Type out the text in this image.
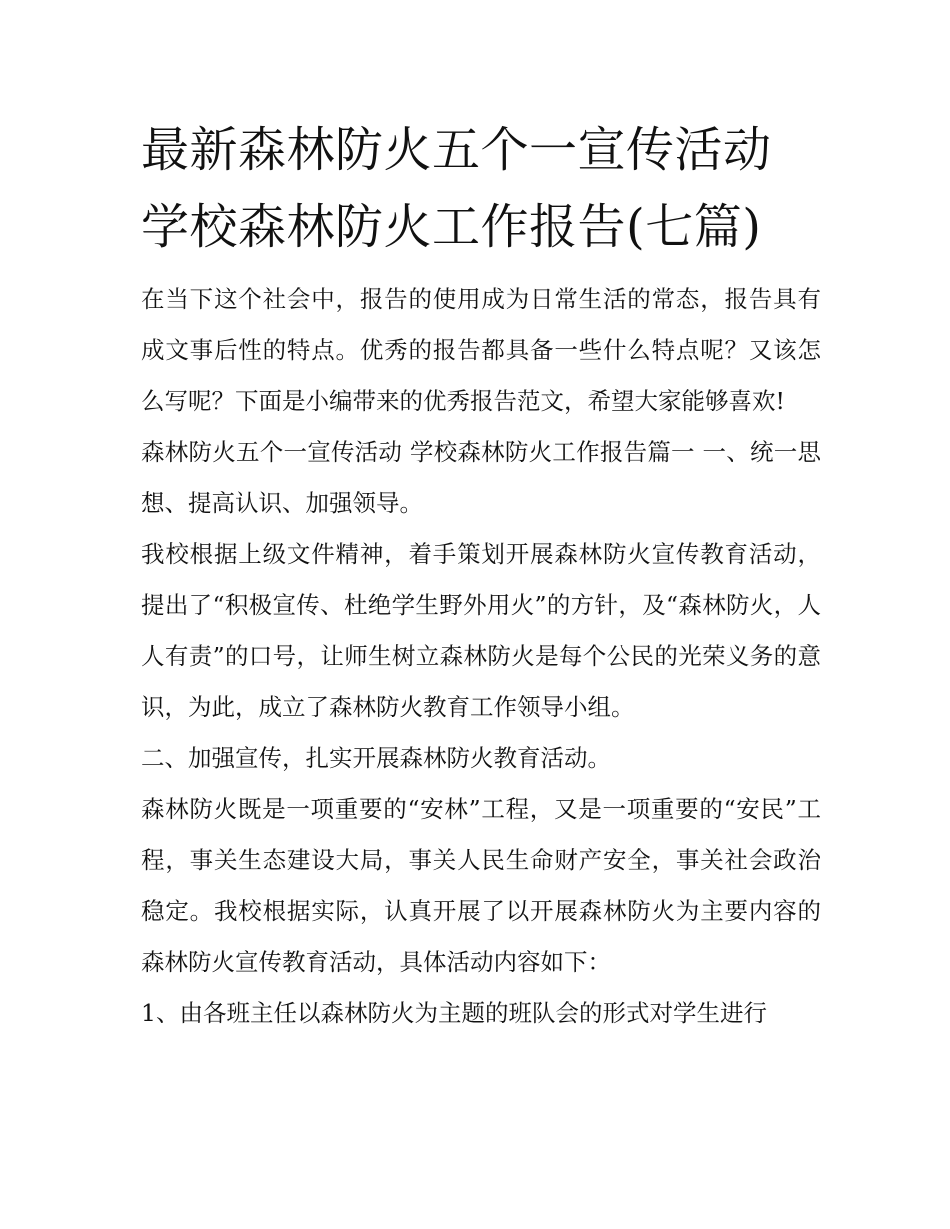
最新森林防火五个一宣传活动 学校森林防火工作报告(七篇)

在当下这个社会中，报告的使用成为日常生活的常态，报告具有成文事后性的特点。优秀的报告都具备一些什么特点呢？又该怎么写呢？下面是小编带来的优秀报告范文，希望大家能够喜欢!

森林防火五个一宣传活动 学校森林防火工作报告篇一 一、统一思想、提高认识、加强领导。

我校根据上级文件精神，着手策划开展森林防火宣传教育活动，提出了“积极宣传、杜绝学生野外用火”的方针，及“森林防火，人人有责”的口号，让师生树立森林防火是每个公民的光荣义务的意识，为此，成立了森林防火教育工作领导小组。

二、加强宣传，扎实开展森林防火教育活动。

森林防火既是一项重要的“安林”工程，又是一项重要的“安民”工程，事关生态建设大局，事关人民生命财产安全，事关社会政治稳定。我校根据实际，认真开展了以开展森林防火为主要内容的森林防火宣传教育活动，具体活动内容如下：

1、由各班主任以森林防火为主题的班队会的形式对学生进行
